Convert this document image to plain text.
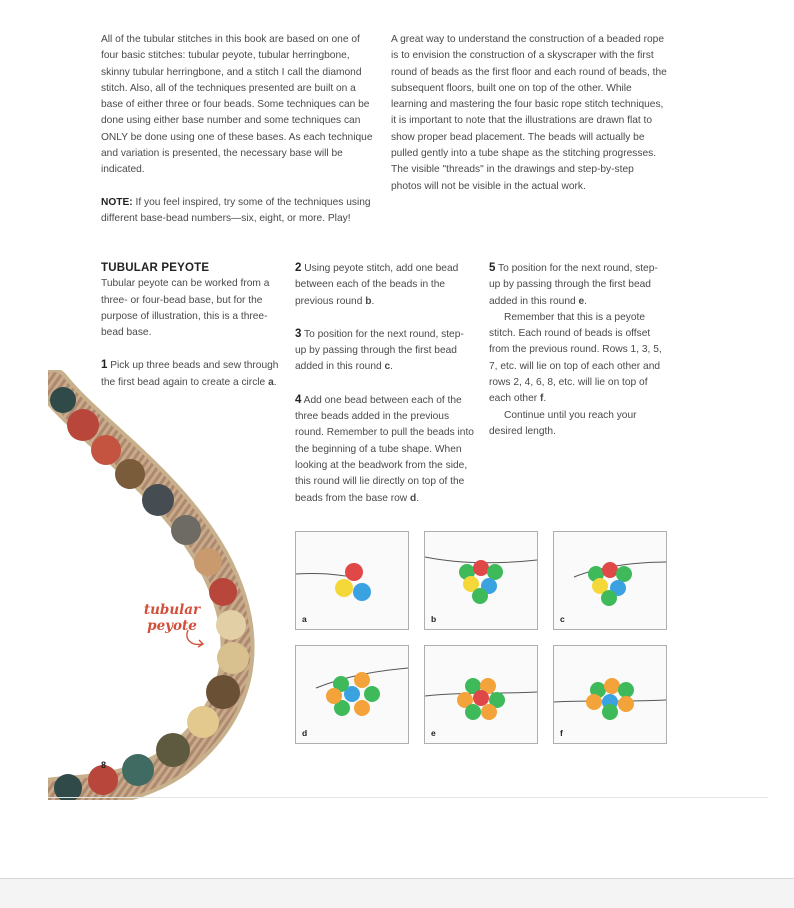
All of the tubular stitches in this book are based on one of four basic stitches: tubular peyote, tubular herringbone, skinny tubular herringbone, and a stitch I call the diamond stitch. Also, all of the techniques presented are built on a base of either three or four beads. Some techniques can be done using either base number and some techniques can ONLY be done using one of these bases. As each technique and variation is presented, the necessary base will be indicated.

NOTE: If you feel inspired, try some of the techniques using different base-bead numbers—six, eight, or more. Play!

A great way to understand the construction of a beaded rope is to envision the construction of a skyscraper with the first round of beads as the first floor and each round of beads, the subsequent floors, built one on top of the other. While learning and mastering the four basic rope stitch techniques, it is important to note that the illustrations are drawn flat to show proper bead placement. The beads will actually be pulled gently into a tube shape as the stitching progresses. The visible "threads" in the drawings and step-by-step photos will not be visible in the actual work.

TUBULAR PEYOTE

Tubular peyote can be worked from a three- or four-bead base, but for the purpose of illustration, this is a three-bead base.

1 Pick up three beads and sew through the first bead again to create a circle a.

2 Using peyote stitch, add one bead between each of the beads in the previous round b.

3 To position for the next round, step-up by passing through the first bead added in this round c.

4 Add one bead between each of the three beads added in the previous round. Remember to pull the beads into the beginning of a tube shape. When looking at the beadwork from the side, this round will lie directly on top of the beads from the base row d.

5 To position for the next round, step-up by passing through the first bead added in this round e.

Remember that this is a peyote stitch. Each round of beads is offset from the previous round. Rows 1, 3, 5, 7, etc. will lie on top of each other and rows 2, 4, 6, 8, etc. will lie on top of each other f.

Continue until you reach your desired length.

tubular
peyote
8
a	b	c
d	e	f
